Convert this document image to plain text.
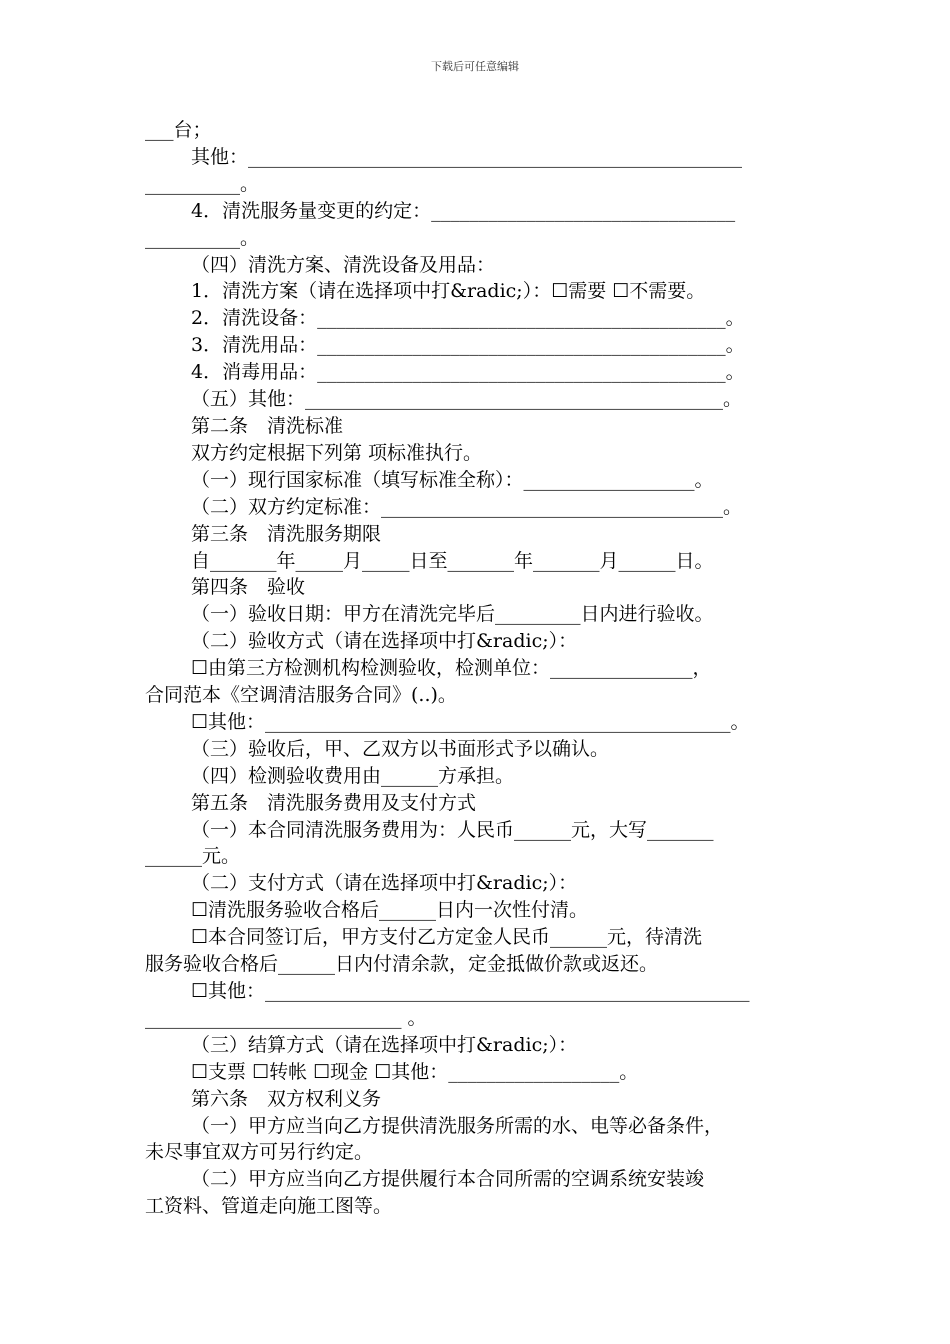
下载后可任意编辑
___台；
其他：____________________________________________________
__________。
4．清洗服务量变更的约定：________________________________
__________。
（四）清洗方案、清洗设备及用品：
1．清洗方案（请在选择项中打&radic;）：☐需要 ☐不需要。
2．清洗设备：___________________________________________。
3．清洗用品：___________________________________________。
4．消毒用品：___________________________________________。
（五）其他：____________________________________________。
第二条　清洗标准
双方约定根据下列第 项标准执行。
（一）现行国家标准（填写标准全称）：__________________。
（二）双方约定标准：____________________________________。
第三条　清洗服务期限
自_______年_____月_____日至_______年_______月______日。
第四条　验收
（一）验收日期：甲方在清洗完毕后_________日内进行验收。
（二）验收方式（请在选择项中打&radic;）：
☐由第三方检测机构检测验收，检测单位：_______________，
合同范本《空调清洁服务合同》(..)。
☐其他：_________________________________________________。
（三）验收后，甲、乙双方以书面形式予以确认。
（四）检测验收费用由______方承担。
第五条　清洗服务费用及支付方式
（一）本合同清洗服务费用为：人民币______元，大写_______
______元。
（二）支付方式（请在选择项中打&radic;）：
☐清洗服务验收合格后______日内一次性付清。
☐本合同签订后，甲方支付乙方定金人民币______元，待清洗
服务验收合格后______日内付清余款，定金抵做价款或返还。
☐其他：___________________________________________________
___________________________ 。
（三）结算方式（请在选择项中打&radic;）：
☐支票 ☐转帐 ☐现金 ☐其他：__________________。
第六条　双方权利义务
（一）甲方应当向乙方提供清洗服务所需的水、电等必备条件，
未尽事宜双方可另行约定。
（二）甲方应当向乙方提供履行本合同所需的空调系统安装竣
工资料、管道走向施工图等。
